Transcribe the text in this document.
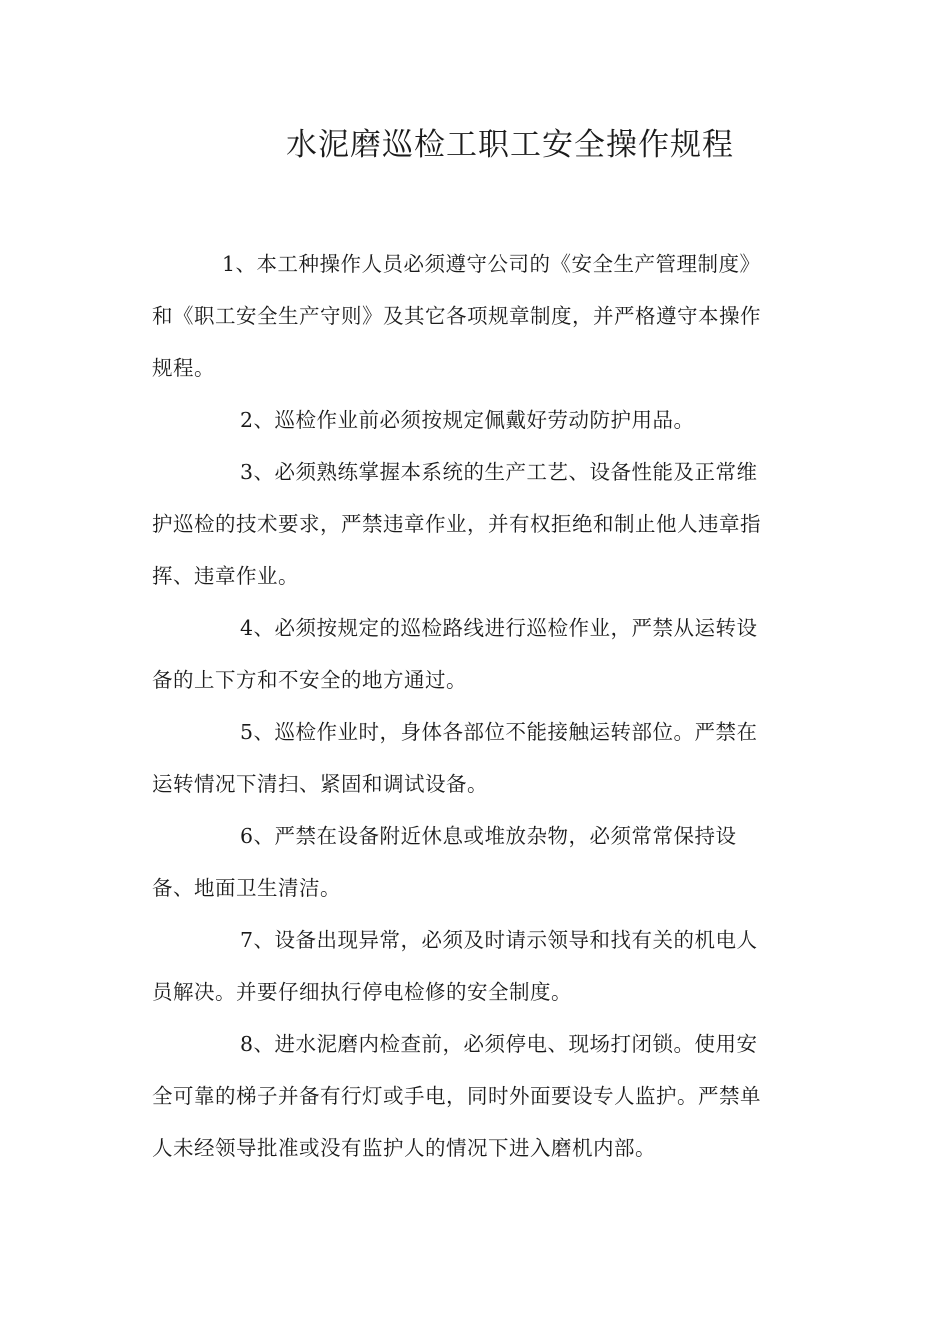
水泥磨巡检工职工安全操作规程

1、本工种操作人员必须遵守公司的《安全生产管理制度》
和《职工安全生产守则》及其它各项规章制度，并严格遵守本操作
规程。

2、巡检作业前必须按规定佩戴好劳动防护用品。

3、必须熟练掌握本系统的生产工艺、设备性能及正常维
护巡检的技术要求，严禁违章作业，并有权拒绝和制止他人违章指
挥、违章作业。

4、必须按规定的巡检路线进行巡检作业，严禁从运转设
备的上下方和不安全的地方通过。

5、巡检作业时，身体各部位不能接触运转部位。严禁在
运转情况下清扫、紧固和调试设备。

6、严禁在设备附近休息或堆放杂物，必须常常保持设
备、地面卫生清洁。

7、设备出现异常，必须及时请示领导和找有关的机电人
员解决。并要仔细执行停电检修的安全制度。

8、进水泥磨内检查前，必须停电、现场打闭锁。使用安
全可靠的梯子并备有行灯或手电，同时外面要设专人监护。严禁单
人未经领导批准或没有监护人的情况下进入磨机内部。
